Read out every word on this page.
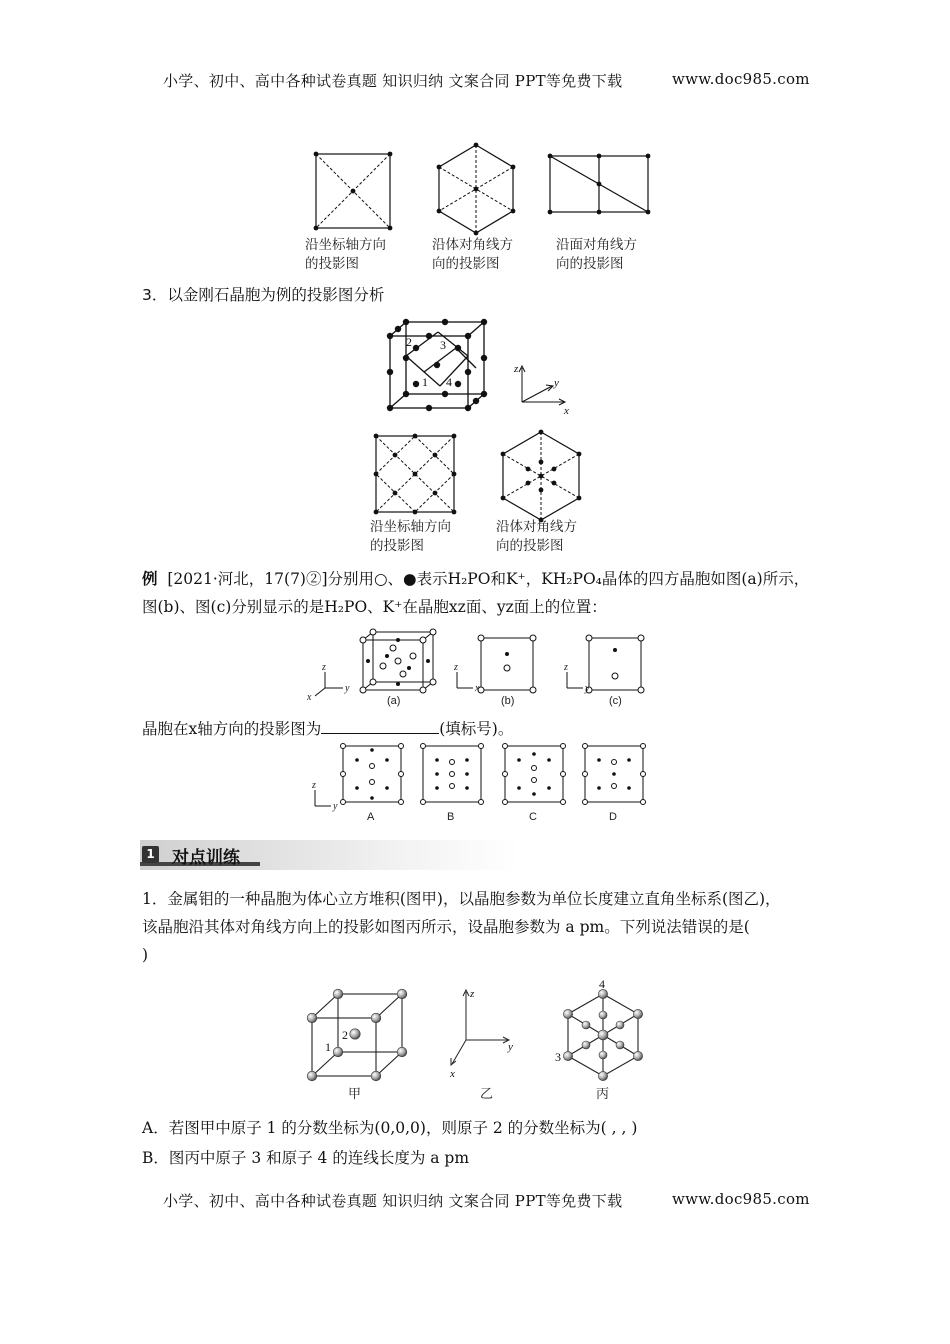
小学、初中、高中各种试卷真题 知识归纳 文案合同 PPT等免费下载	www.doc985.com
沿坐标轴方向
的投影图
沿体对角线方
向的投影图
沿面对角线方
向的投影图
3．以金刚石晶胞为例的投影图分析
2 3
1 4
z
y
x
沿坐标轴方向
的投影图
沿体对角线方
向的投影图
例 [2021·河北，17(7)②]分别用○、●表示H₂PO和K⁺，KH₂PO₄晶体的四方晶胞如图(a)所示，
图(b)、图(c)分别显示的是H₂PO、K⁺在晶胞xz面、yz面上的位置：
(a)	(b)	(c)
z
y
x
z
x
z
y
晶胞在x轴方向的投影图为	(填标号)。
z
y
A	B	C	D
1 对点训练
1．金属钼的一种晶胞为体心立方堆积(图甲)，以晶胞参数为单位长度建立直角坐标系(图乙)，
该晶胞沿其体对角线方向上的投影如图丙所示，设晶胞参数为 a pm。下列说法错误的是(
)
1
2
z
y
x
4
3
甲	乙	丙
A．若图甲中原子 1 的分数坐标为(0,0,0)，则原子 2 的分数坐标为( , , )
B．图丙中原子 3 和原子 4 的连线长度为 a pm
小学、初中、高中各种试卷真题 知识归纳 文案合同 PPT等免费下载	www.doc985.com
